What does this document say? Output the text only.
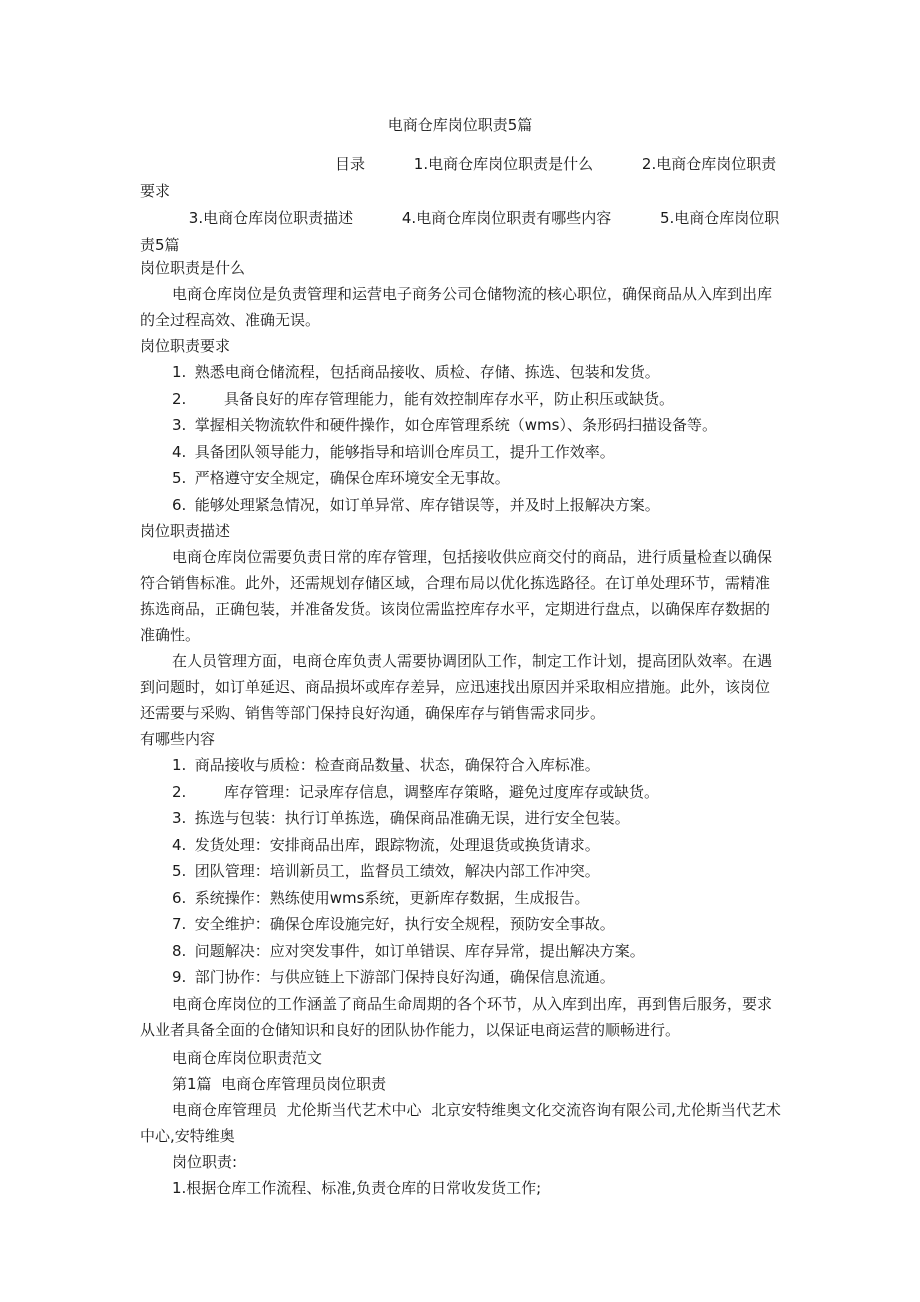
电商仓库岗位职责5篇
目录	1.电商仓库岗位职责是什么	2.电商仓库岗位职责要求
3.电商仓库岗位职责描述	4.电商仓库岗位职责有哪些内容	5.电商仓库岗位职责5篇

岗位职责是什么

电商仓库岗位是负责管理和运营电子商务公司仓储物流的核心职位，确保商品从入库到出库的全过程高效、准确无误。

岗位职责要求

1. 熟悉电商仓储流程，包括商品接收、质检、存储、拣选、包装和发货。
2.	具备良好的库存管理能力，能有效控制库存水平，防止积压或缺货。
3. 掌握相关物流软件和硬件操作，如仓库管理系统（wms）、条形码扫描设备等。
4. 具备团队领导能力，能够指导和培训仓库员工，提升工作效率。
5. 严格遵守安全规定，确保仓库环境安全无事故。
6. 能够处理紧急情况，如订单异常、库存错误等，并及时上报解决方案。

岗位职责描述

电商仓库岗位需要负责日常的库存管理，包括接收供应商交付的商品，进行质量检查以确保符合销售标准。此外，还需规划存储区域，合理布局以优化拣选路径。在订单处理环节，需精准拣选商品，正确包装，并准备发货。该岗位需监控库存水平，定期进行盘点，以确保库存数据的准确性。

在人员管理方面，电商仓库负责人需要协调团队工作，制定工作计划，提高团队效率。在遇到问题时，如订单延迟、商品损坏或库存差异，应迅速找出原因并采取相应措施。此外，该岗位还需要与采购、销售等部门保持良好沟通，确保库存与销售需求同步。

有哪些内容

1. 商品接收与质检：检查商品数量、状态，确保符合入库标准。
2.	库存管理：记录库存信息，调整库存策略，避免过度库存或缺货。
3. 拣选与包装：执行订单拣选，确保商品准确无误，进行安全包装。
4. 发货处理：安排商品出库，跟踪物流，处理退货或换货请求。
5. 团队管理：培训新员工，监督员工绩效，解决内部工作冲突。
6. 系统操作：熟练使用wms系统，更新库存数据，生成报告。
7. 安全维护：确保仓库设施完好，执行安全规程，预防安全事故。
8. 问题解决：应对突发事件，如订单错误、库存异常，提出解决方案。
9. 部门协作：与供应链上下游部门保持良好沟通，确保信息流通。

电商仓库岗位的工作涵盖了商品生命周期的各个环节，从入库到出库，再到售后服务，要求从业者具备全面的仓储知识和良好的团队协作能力，以保证电商运营的顺畅进行。

电商仓库岗位职责范文

第1篇  电商仓库管理员岗位职责

电商仓库管理员  尤伦斯当代艺术中心  北京安特维奥文化交流咨询有限公司,尤伦斯当代艺术中心,安特维奥

岗位职责:

1.根据仓库工作流程、标准,负责仓库的日常收发货工作;
